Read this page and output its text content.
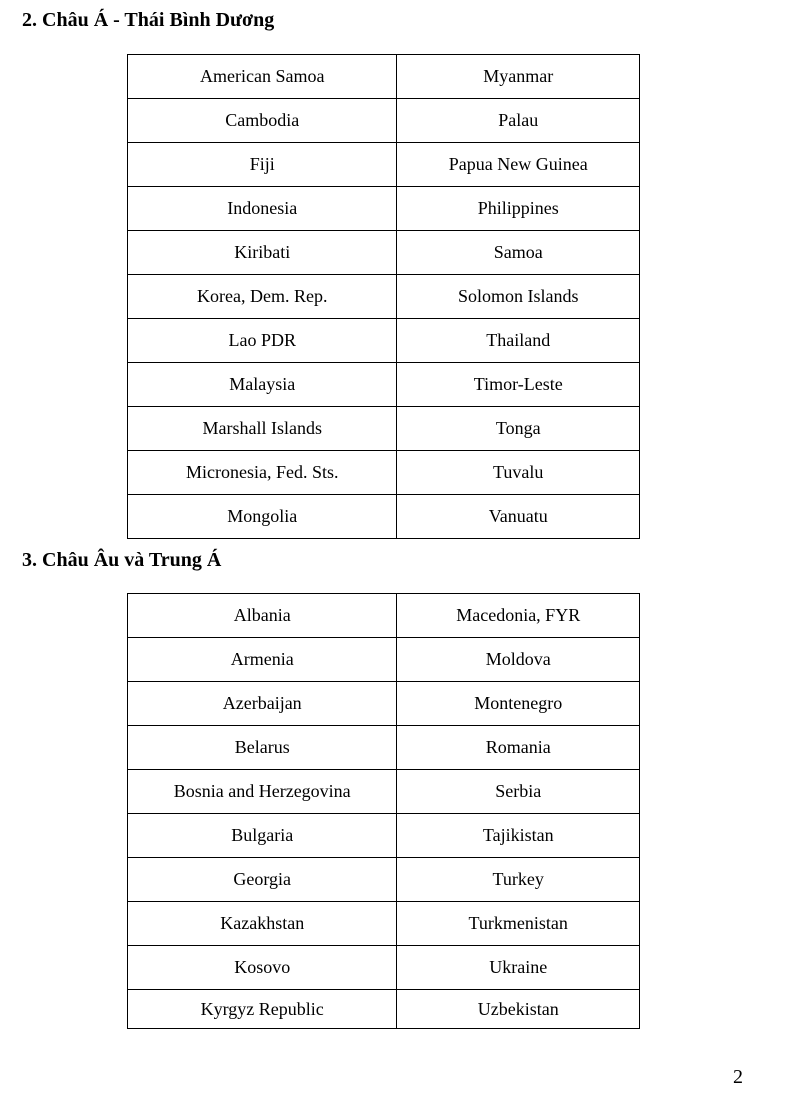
2. Châu Á - Thái Bình Dương
American Samoa	Myanmar
Cambodia	Palau
Fiji	Papua New Guinea
Indonesia	Philippines
Kiribati	Samoa
Korea, Dem. Rep.	Solomon Islands
Lao PDR	Thailand
Malaysia	Timor-Leste
Marshall Islands	Tonga
Micronesia, Fed. Sts.	Tuvalu
Mongolia	Vanuatu
3. Châu Âu và Trung Á
Albania	Macedonia, FYR
Armenia	Moldova
Azerbaijan	Montenegro
Belarus	Romania
Bosnia and Herzegovina	Serbia
Bulgaria	Tajikistan
Georgia	Turkey
Kazakhstan	Turkmenistan
Kosovo	Ukraine
Kyrgyz Republic	Uzbekistan
2
